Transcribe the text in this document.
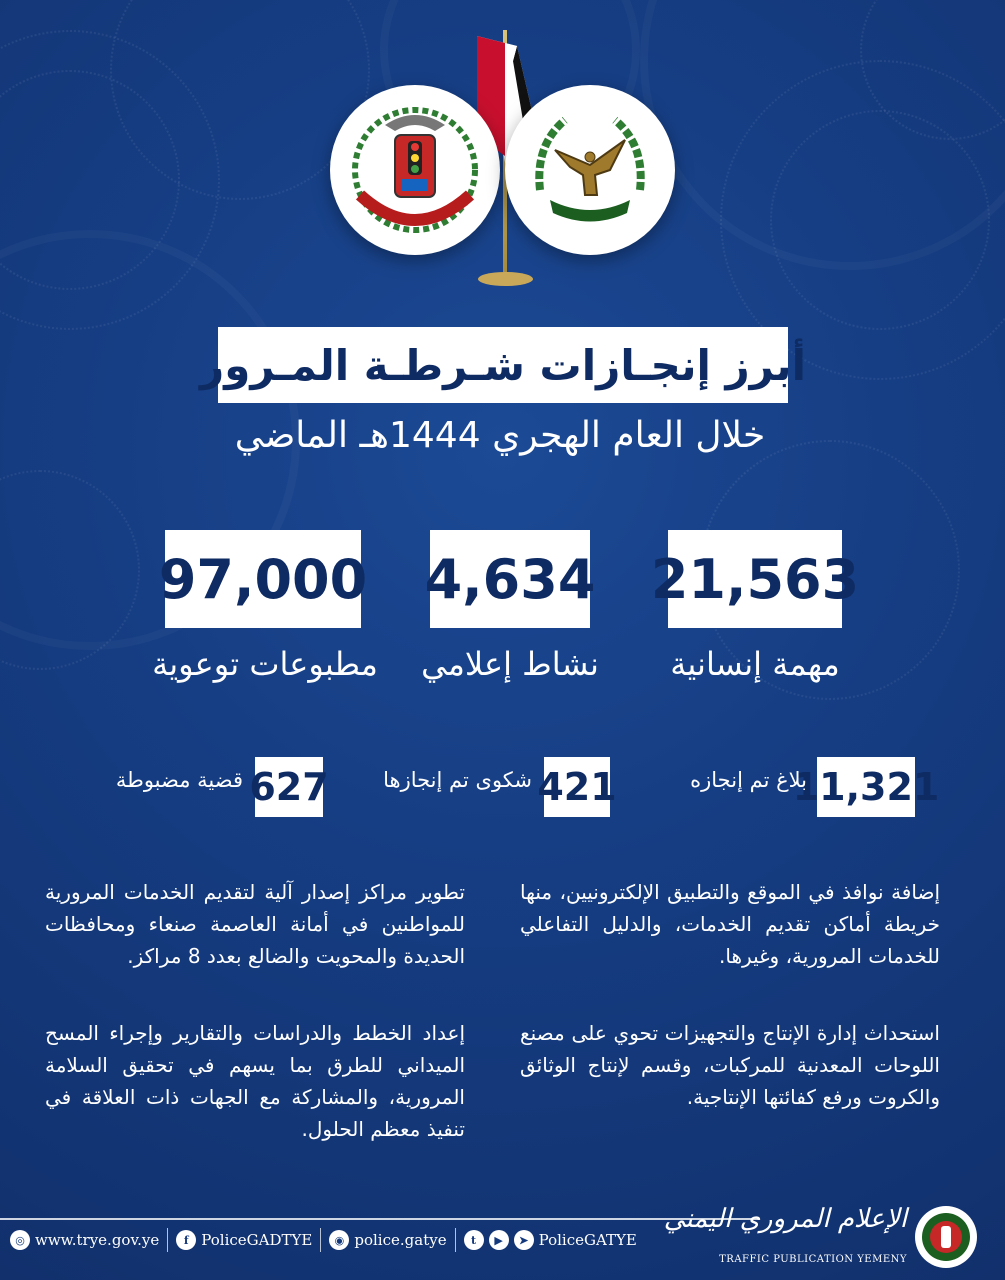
أبرز إنجـازات شـرطـة المـرور
خلال العام الهجري 1444هـ الماضي
21,563
مهمة إنسانية
4,634
نشاط إعلامي
97,000
مطبوعات توعوية
11,321
بلاغ تم إنجازه
421
شكوى تم إنجازها
627
قضية مضبوطة
إضافة نوافذ في الموقع والتطبيق الإلكترونيين، منها خريطة أماكن تقديم الخدمات، والدليل التفاعلي للخدمات المرورية، وغيرها.
استحداث إدارة الإنتاج والتجهيزات تحوي على مصنع اللوحات المعدنية للمركبات، وقسم لإنتاج الوثائق والكروت ورفع كفائتها الإنتاجية.
تطوير مراكز إصدار آلية لتقديم الخدمات المرورية للمواطنين في أمانة العاصمة صنعاء ومحافظات الحديدة والمحويت والضالع بعدد 8 مراكز.
إعداد الخطط والدراسات والتقارير وإجراء المسح الميداني للطرق بما يسهم في تحقيق السلامة المرورية، والمشاركة مع الجهات ذات العلاقة في تنفيذ معظم الحلول.
◎ www.trye.gov.ye	f PoliceGADTYE	◉ police.gatye	t	▶	➤ PoliceGATYE
الإعلام المروري اليمني
TRAFFIC PUBLICATION YEMENY
